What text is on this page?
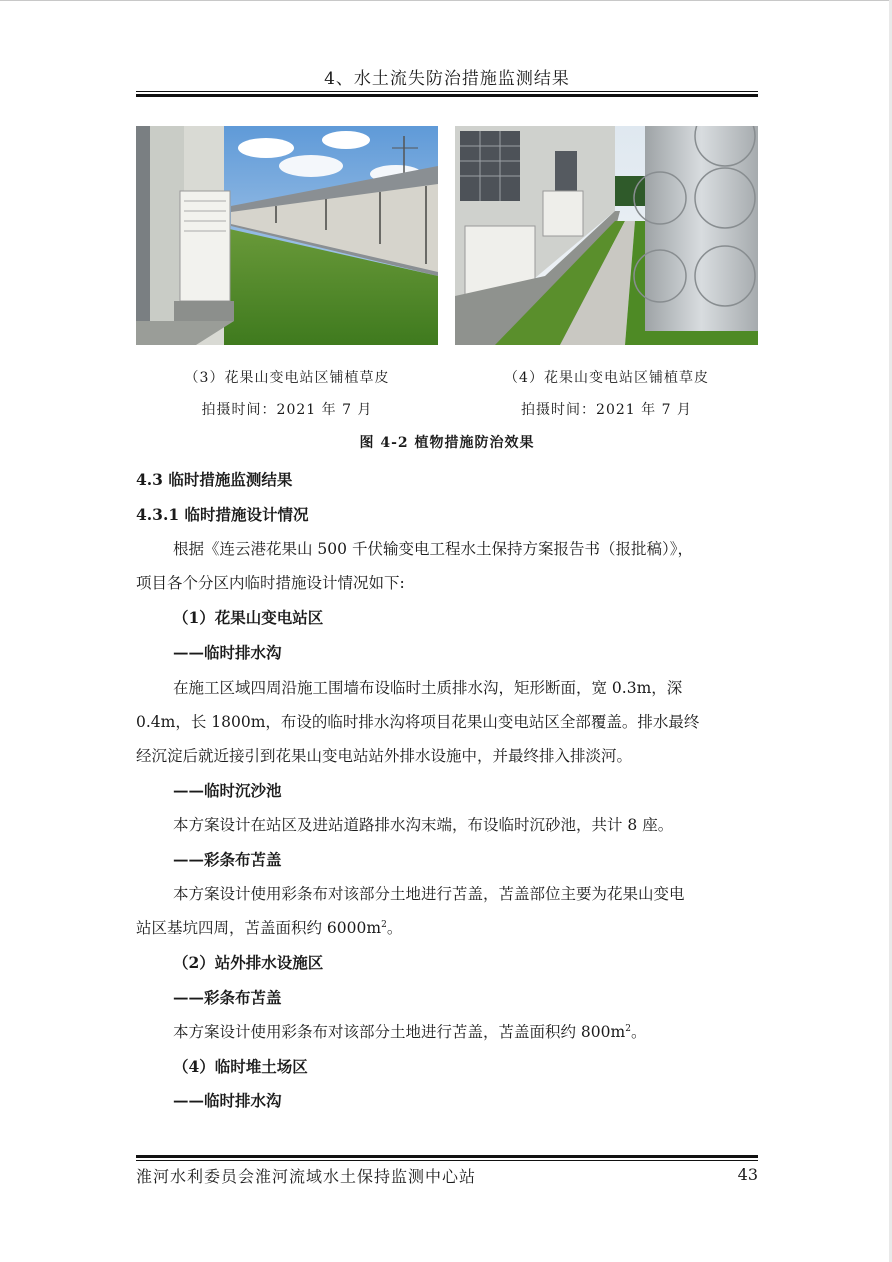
4、水土流失防治措施监测结果
（3）花果山变电站区铺植草皮
拍摄时间：2021 年 7 月
（4）花果山变电站区铺植草皮
拍摄时间：2021 年 7 月
图 4-2 植物措施防治效果
4.3 临时措施监测结果
4.3.1 临时措施设计情况
根据《连云港花果山 500 千伏输变电工程水土保持方案报告书（报批稿）》，
项目各个分区内临时措施设计情况如下:
（1）花果山变电站区
——临时排水沟
在施工区域四周沿施工围墙布设临时土质排水沟，矩形断面，宽 0.3m，深
0.4m，长 1800m，布设的临时排水沟将项目花果山变电站区全部覆盖。排水最终
经沉淀后就近接引到花果山变电站站外排水设施中，并最终排入排淡河。
——临时沉沙池
本方案设计在站区及进站道路排水沟末端，布设临时沉砂池，共计 8 座。
——彩条布苫盖
本方案设计使用彩条布对该部分土地进行苫盖，苫盖部位主要为花果山变电
站区基坑四周，苫盖面积约 $6000m^2$。
（2）站外排水设施区
——彩条布苫盖
本方案设计使用彩条布对该部分土地进行苫盖，苫盖面积约 $800m^2$。
（4）临时堆土场区
——临时排水沟
淮河水利委员会淮河流域水土保持监测中心站	43
